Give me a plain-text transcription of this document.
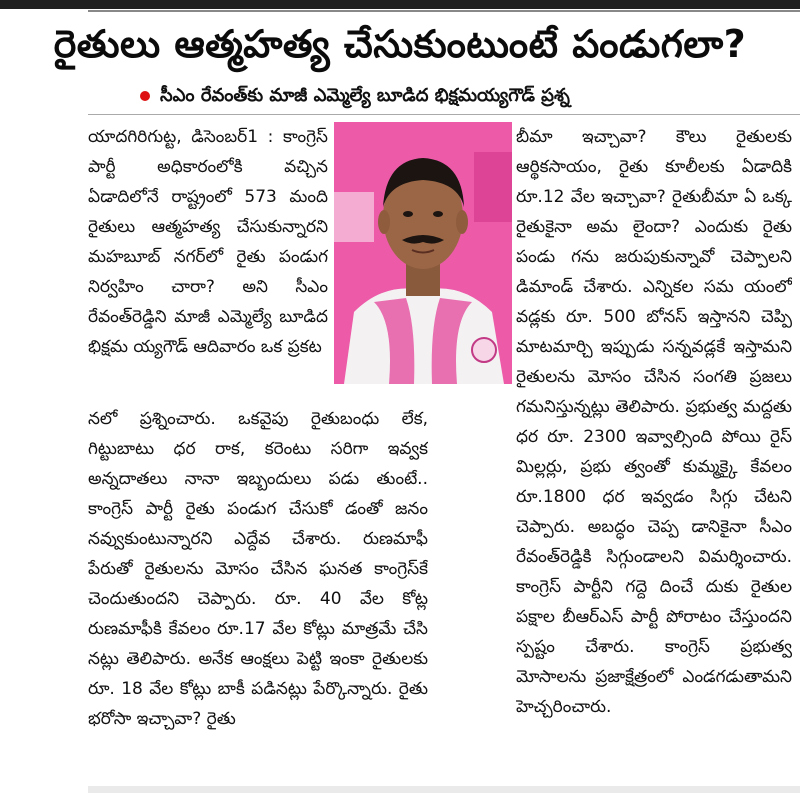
రైతులు ఆత్మహత్య చేసుకుంటుంటే పండుగలా?
సీఎం రేవంత్‌కు మాజీ ఎమ్మెల్యే బూడిద భిక్షమయ్యగౌడ్ ప్రశ్న

యాదగిరిగుట్ట, డిసెంబర్1 : కాంగ్రెస్ పార్టీ అధికారంలోకి వచ్చిన ఏడాదిలోనే రాష్ట్రంలో 573 మంది రైతులు ఆత్మహత్య చేసుకున్నారని మహబూబ్ నగర్‌లో రైతు పండుగ నిర్వహిం చారా? అని సీఎం రేవంత్‌రెడ్డిని మాజీ ఎమ్మెల్యే బూడిద భిక్షమ య్యగౌడ్ ఆదివారం ఒక ప్రకట

నలో ప్రశ్నించారు. ఒకవైపు రైతుబంధు లేక, గిట్టుబాటు ధర రాక, కరెంటు సరిగా ఇవ్వక అన్నదాతలు నానా ఇబ్బందులు పడు తుంటే.. కాంగ్రెస్ పార్టీ రైతు పండుగ చేసుకో డంతో జనం నవ్వుకుంటున్నారని ఎద్దేవ చేశారు. రుణమాఫీ పేరుతో రైతులను మోసం చేసిన ఘనత కాంగ్రెస్‌కే చెందుతుందని చెప్పారు. రూ. 40 వేల కోట్ల రుణమాఫీకి కేవలం రూ.17 వేల కోట్లు మాత్రమే చేసి నట్లు తెలిపారు. అనేక ఆంక్షలు పెట్టి ఇంకా రైతులకు రూ. 18 వేల కోట్లు బాకీ పడినట్లు పేర్కొన్నారు. రైతు భరోసా ఇచ్చావా? రైతు

బీమా ఇచ్చావా? కౌలు రైతులకు ఆర్థికసాయం, రైతు కూలీలకు ఏడాదికి రూ.12 వేల ఇచ్చావా? రైతుబీమా ఏ ఒక్క రైతుకైనా అమ లైందా? ఎందుకు రైతు పండు గను జరుపుకున్నావో చెప్పాలని డిమాండ్ చేశారు. ఎన్నికల సమ యంలో వడ్లకు రూ. 500 బోనస్ ఇస్తానని చెప్పి మాటమార్చి ఇప్పుడు సన్నవడ్లకే ఇస్తామని రైతులను మోసం చేసిన సంగతి ప్రజలు గమనిస్తున్నట్లు తెలిపారు. ప్రభుత్వ మద్దతు ధర రూ. 2300 ఇవ్వాల్సింది పోయి రైస్ మిల్లర్లు, ప్రభు త్వంతో కుమ్మక్కై కేవలం రూ.1800 ధర ఇవ్వడం సిగ్గు చేటని చెప్పారు. అబద్ధం చెప్ప డానికైనా సీఎం రేవంత్‌రెడ్డికి సిగ్గుండాలని విమర్శించారు. కాంగ్రెస్ పార్టీని గద్దె దించే దుకు రైతుల పక్షాల బీఆర్ఎస్ పార్టీ పోరాటం చేస్తుందని స్పష్టం చేశారు. కాంగ్రెస్ ప్రభుత్వ మోసాలను ప్రజాక్షేత్రంలో ఎండగడుతామని హెచ్చరించారు.
